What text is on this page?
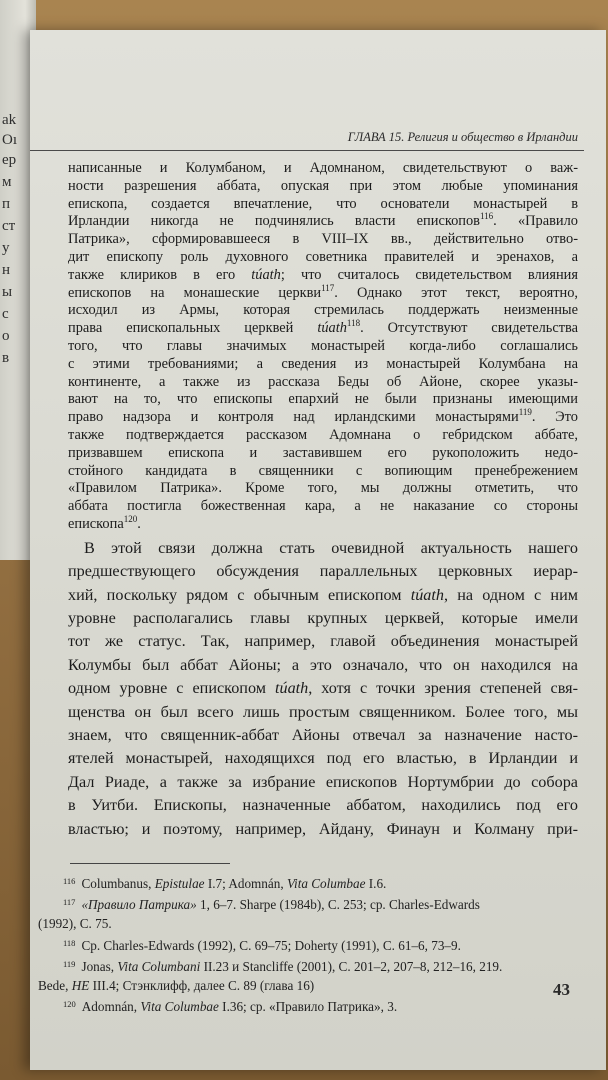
ak
Oı
ep
м
п
ст
у
н
ы
c
o
в
ГЛАВА 15. Религия и общество в Ирландии
написанные и Колумбаном, и Адомнаном, свидетельствуют о важ-
ности разрешения аббата, опуская при этом любые упоминания
епископа, создается впечатление, что основатели монастырей в
Ирландии никогда не подчинялись власти епископов$^{116}$. «Правило
Патрика», сформировавшееся в VIII–IX вв., действительно отво-
дит епископу роль духовного советника правителей и эренахов, а
также клириков в его túath; что считалось свидетельством влияния
епископов на монашеские церкви$^{117}$. Однако этот текст, вероятно,
исходил из Армы, которая стремилась поддержать неизменные
права епископальных церквей túath$^{118}$. Отсутствуют свидетельства
того, что главы значимых монастырей когда-либо соглашались
с этими требованиями; а сведения из монастырей Колумбана на
континенте, а также из рассказа Беды об Айоне, скорее указы-
вают на то, что епископы епархий не были признаны имеющими
право надзора и контроля над ирландскими монастырями$^{119}$. Это
также подтверждается рассказом Адомнана о гебридском аббате,
призвавшем епископа и заставившем его рукоположить недо-
стойного кандидата в священники с вопиющим пренебрежением
«Правилом Патрика». Кроме того, мы должны отметить, что
аббата постигла божественная кара, а не наказание со стороны
епископа$^{120}$.
В этой связи должна стать очевидной актуальность нашего
предшествующего обсуждения параллельных церковных иерар-
хий, поскольку рядом с обычным епископом túath, на одном с ним
уровне располагались главы крупных церквей, которые имели
тот же статус. Так, например, главой объединения монастырей
Колумбы был аббат Айоны; а это означало, что он находился на
одном уровне с епископом túath, хотя с точки зрения степеней свя-
щенства он был всего лишь простым священником. Более того, мы
знаем, что священник-аббат Айоны отвечал за назначение насто-
ятелей монастырей, находящихся под его властью, в Ирландии и
Дал Риаде, а также за избрание епископов Нортумбрии до собора
в Уитби. Епископы, назначенные аббатом, находились под его
властью; и поэтому, например, Айдану, Финаун и Колману при-
$^{116}$ Columbanus, Epistulae I.7; Adomnán, Vita Columbae I.6.
$^{117}$ «Правило Патрика» 1, 6–7. Sharpe (1984b), С. 253; cp. Charles-Edwards
(1992), С. 75.
$^{118}$ Cp. Charles-Edwards (1992), С. 69–75; Doherty (1991), С. 61–6, 73–9.
$^{119}$ Jonas, Vita Columbani II.23 и Stancliffe (2001), С. 201–2, 207–8, 212–16, 219.
Bede, HE III.4; Стэнклифф, далее С. 89 (глава 16)
$^{120}$ Adomnán, Vita Columbae I.36; cp. «Правило Патрика», 3.
43
